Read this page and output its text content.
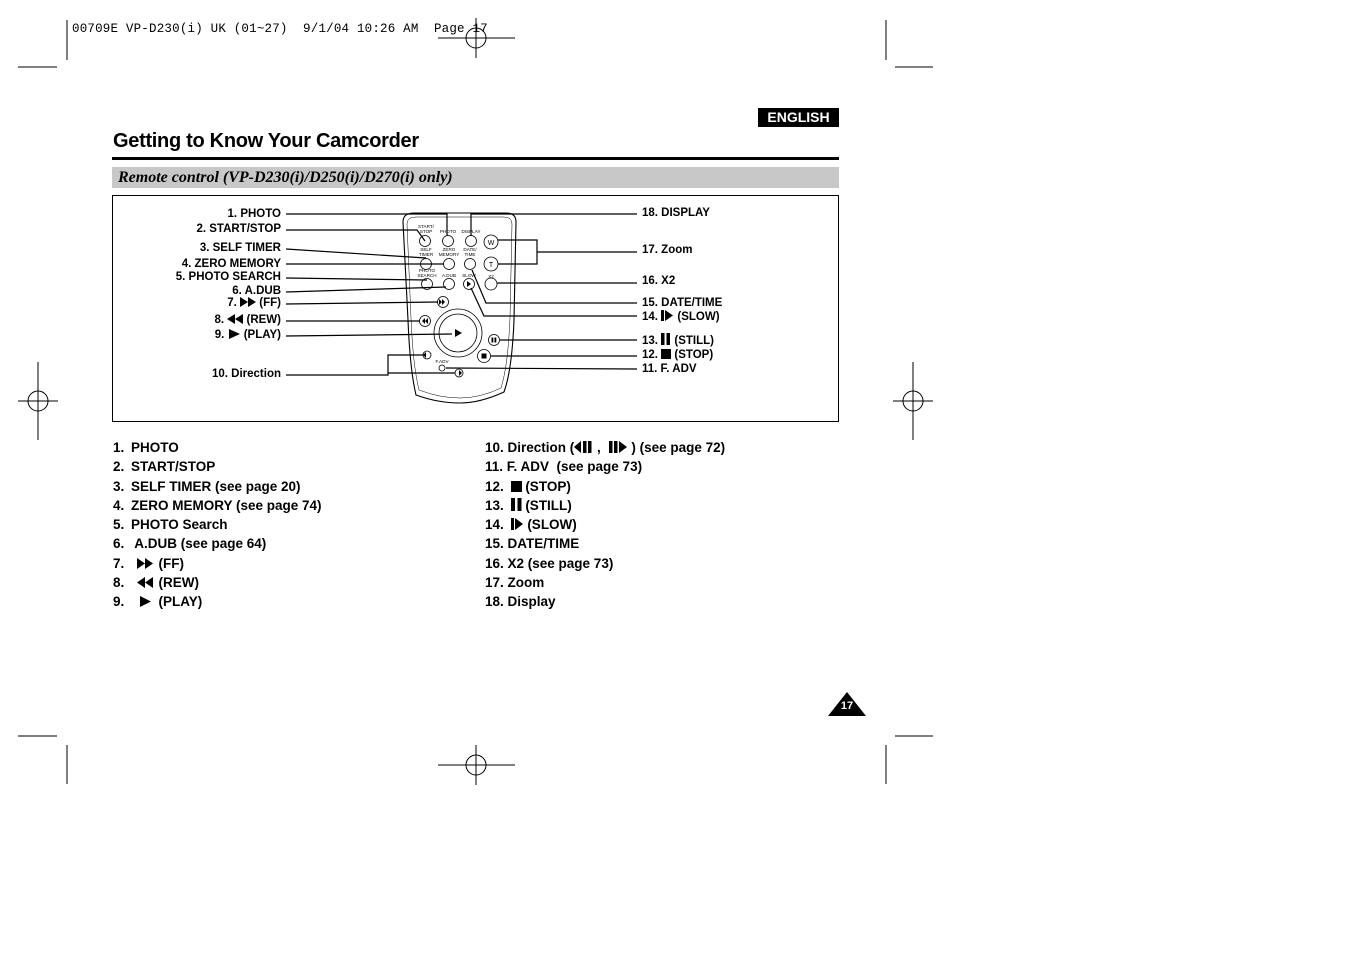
00709E VP-D230(i) UK (01~27)  9/1/04 10:26 AM  Page 17
ENGLISH
Getting to Know Your Camcorder
Remote control (VP-D230(i)/D250(i)/D270(i) only)
START/
STOP PHOTO DISPLAY
SELF
TIMER
ZERO
MEMORY
DATE/
TIME
PHOTO
SEARCH A.DUB SLOW	X2
F.ADV
W
T
1. PHOTO
2. START/STOP
3. SELF TIMER
4. ZERO MEMORY
5. PHOTO SEARCH
6. A.DUB
7. (FF)
8. (REW)
9. (PLAY)
10. Direction
18. DISPLAY
17. Zoom
16. X2
15. DATE/TIME
14. (SLOW)
13. (STILL)
12. (STOP)
11. F. ADV
1. PHOTO
2. START/STOP
3. SELF TIMER (see page 20)
4. ZERO MEMORY (see page 74)
5. PHOTO Search
6. A.DUB (see page 64)
7.	(FF)
8.	(REW)
9.	(PLAY)
10. Direction ( , ) (see page 72)
11. F. ADV  (see page 73)
12. (STOP)
13. (STILL)
14. (SLOW)
15. DATE/TIME
16. X2 (see page 73)
17. Zoom
18. Display
17
